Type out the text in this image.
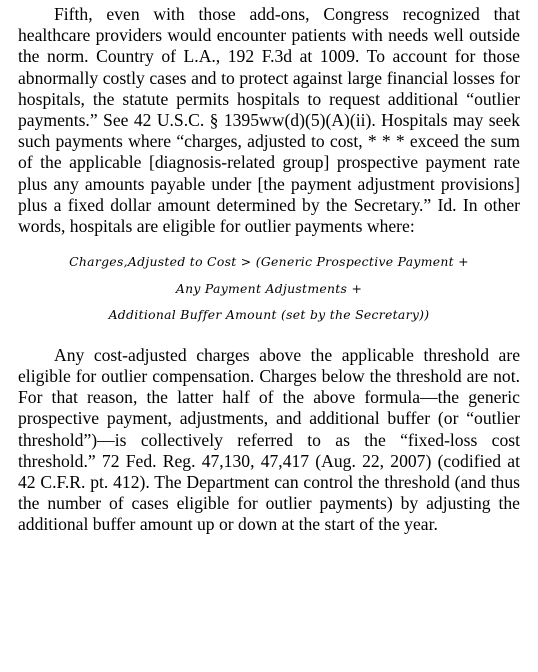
Fifth, even with those add-ons, Congress recognized that healthcare providers would encounter patients with needs well outside the norm. Country of L.A., 192 F.3d at 1009. To account for those abnormally costly cases and to protect against large financial losses for hospitals, the statute permits hospitals to request additional “outlier payments.” See 42 U.S.C. § 1395ww(d)(5)(A)(ii). Hospitals may seek such payments where “charges, adjusted to cost, * * * exceed the sum of the applicable [diagnosis-related group] prospective payment rate plus any amounts payable under [the payment adjustment provisions] plus a fixed dollar amount determined by the Secretary.” Id. In other words, hospitals are eligible for outlier payments where:

Charges,Adjusted to Cost > (Generic Prospective Payment +
Any Payment Adjustments +
Additional Buffer Amount (set by the Secretary))

Any cost-adjusted charges above the applicable threshold are eligible for outlier compensation. Charges below the threshold are not. For that reason, the latter half of the above formula—the generic prospective payment, adjustments, and additional buffer (or “outlier threshold”)—is collectively referred to as the “fixed-loss cost threshold.” 72 Fed. Reg. 47,130, 47,417 (Aug. 22, 2007) (codified at 42 C.F.R. pt. 412). The Department can control the threshold (and thus the number of cases eligible for outlier payments) by adjusting the additional buffer amount up or down at the start of the year.
